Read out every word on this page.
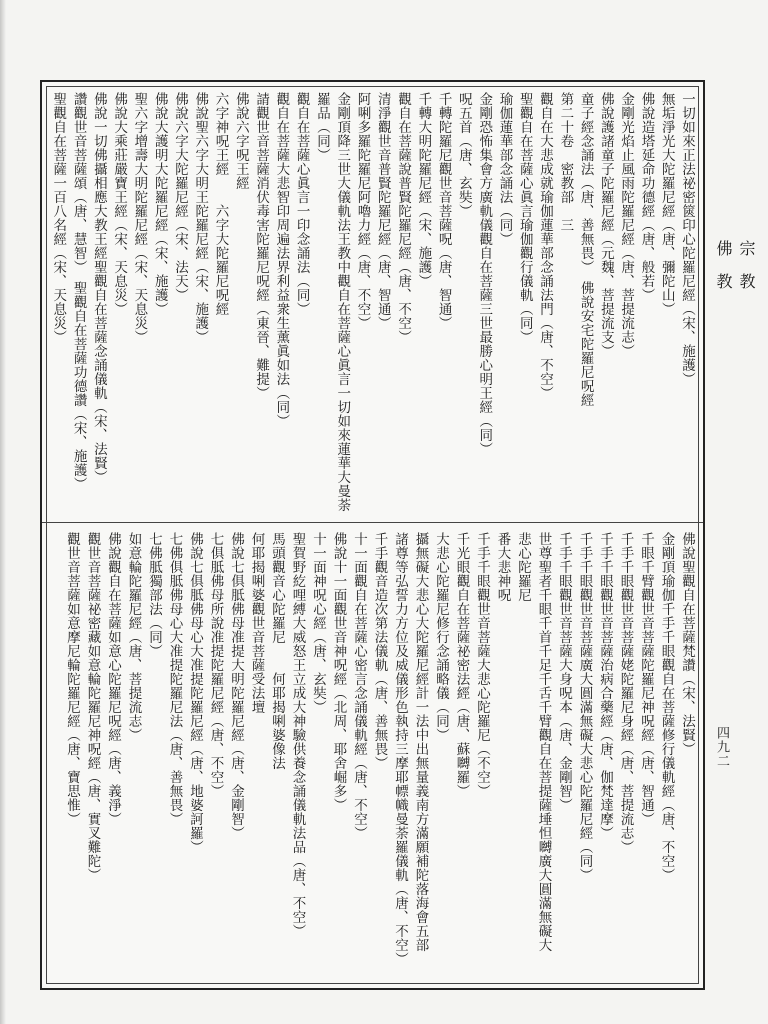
一切如來正法祕密篋印心陀羅尼經（宋、施護）
無垢淨光大陀羅尼經（唐、彌陀山）
佛說造塔延命功德經（唐、般若）
金剛光焰止風雨陀羅尼經（唐、菩提流志）
佛說護諸童子陀羅尼經（元魏、菩提流支）
童子經念誦法（唐、善無畏）　佛說安宅陀羅尼呪經
第二十卷　密教部　三
觀自在大悲成就瑜伽蓮華部念誦法門（唐、不空）
聖觀自在菩薩心眞言瑜伽觀行儀軌（同）
瑜伽蓮華部念誦法（同）
金剛恐怖集會方廣軌儀觀自在菩薩三世最勝心明王經（同）
呪五首（唐、玄奘）
千轉陀羅尼觀世音菩薩呪（唐、智通）
千轉大明陀羅尼經（宋、施護）
觀自在菩薩說普賢陀羅尼經（唐、不空）
清淨觀世音普賢陀羅尼經（唐、智通）
阿唎多羅陀羅尼阿嚕力經（唐、不空）
金剛頂降三世大儀軌法王教中觀自在菩薩心眞言一切如來蓮華大曼荼
羅品（同）
觀自在菩薩心眞言一印念誦法（同）
觀自在菩薩大悲智印周遍法界利益衆生薰眞如法（同）
請觀世音菩薩消伏毒害陀羅尼呪經（東晉、難提）
佛說六字呪王經
六字神呪王經　　六字大陀羅尼呪經
佛說聖六字大明王陀羅尼經（宋、施護）
佛說六字大陀羅尼經（宋、法天）
佛說大護明大陀羅尼經（宋、施護）
聖六字增壽大明陀羅尼經（宋、天息災）
佛說大乘莊嚴寶王經（宋、天息災）
佛說一切佛攝相應大教王經聖觀自在菩薩念誦儀軌（宋、法賢）
讚觀世音菩薩頌（唐、慧智）　聖觀自在菩薩功德讚（宋、施護）
聖觀自在菩薩一百八名經（宋、天息災）
佛說聖觀自在菩薩梵讚（宋、法賢）
金剛頂瑜伽千手千眼觀自在菩薩修行儀軌經（唐、不空）
千眼千臂觀世音菩薩陀羅尼神呪經（唐、智通）
千手千眼觀世音菩薩姥陀羅尼身經（唐、菩提流志）
千手千眼觀世音菩薩治病合藥經（唐、伽梵達摩）
千手千眼觀世音菩薩廣大圓滿無礙大悲心陀羅尼經（同）
千手千眼觀世音菩薩大身呪本（唐、金剛智）
世尊聖者千眼千首千足千舌千臂觀自在菩提薩埵怛嚩廣大圓滿無礙大
悲心陀羅尼
番大悲神呪
千手千眼觀世音菩薩大悲心陀羅尼（不空）
千光眼觀自在菩薩祕密法經（唐、蘇嚩羅）
大悲心陀羅尼修行念誦略儀（同）
攝無礙大悲心大陀羅尼經計一法中出無量義南方滿願補陀落海會五部
諸尊等弘誓力方位及威儀形色執持三摩耶幖幟曼荼羅儀軌（唐、不空）
千手觀音造次第法儀軌（唐、善無畏）
十一面觀自在菩薩心密言念誦儀軌經（唐、不空）
佛說十一面觀世音神呪經（北周、耶舍崛多）
十一面神呪心經（唐、玄奘）
聖賀野紇哩縛大威怒王立成大神驗供養念誦儀軌法品（唐、不空）
馬頭觀音心陀羅尼　　何耶揭唎婆像法
何耶揭唎婆觀世音菩薩受法壇
佛說七俱胝佛母准提大明陀羅尼經（唐、金剛智）
七俱胝佛母所說准提陀羅尼經（唐、不空）
佛說七俱胝佛母心大准提陀羅尼經（唐、地婆訶羅）
七佛俱胝佛母心大准提陀羅尼法（唐、善無畏）
七佛胝獨部法（同）
如意輪陀羅尼經（唐、菩提流志）
佛說觀自在菩薩如意心陀羅尼呪經（唐、義淨）
觀世音菩薩祕密藏如意輪陀羅尼神呪經（唐、實叉難陀）
觀世音菩薩如意摩尼輪陀羅尼經（唐、寶思惟）
宗 教
佛 教
四九二
